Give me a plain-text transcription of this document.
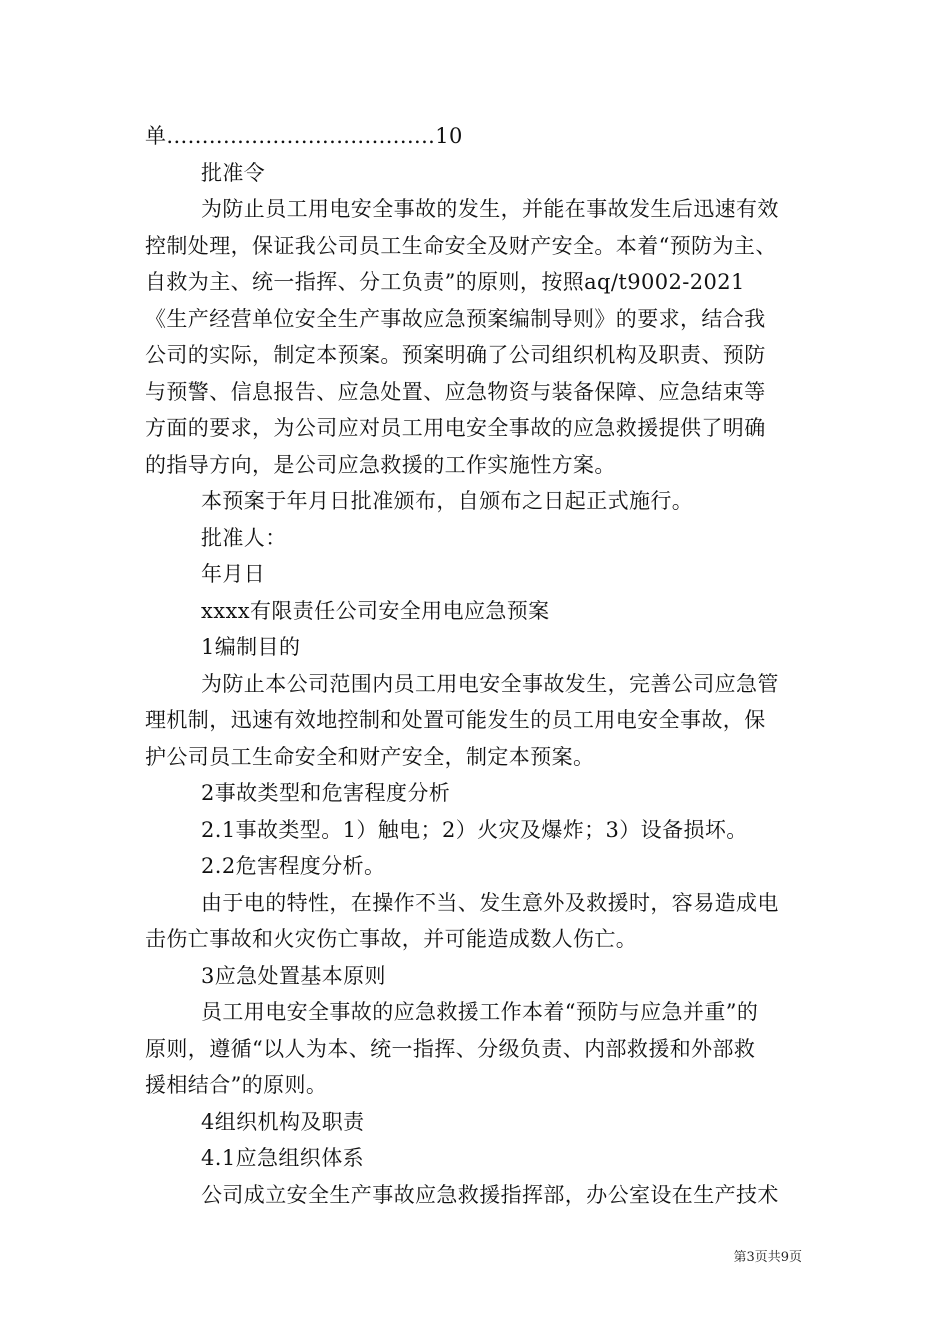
单......................................10
批准令
为防止员工用电安全事故的发生，并能在事故发生后迅速有效
控制处理，保证我公司员工生命安全及财产安全。本着“预防为主、
自救为主、统一指挥、分工负责”的原则，按照aq/t9002-2021
《生产经营单位安全生产事故应急预案编制导则》的要求，结合我
公司的实际，制定本预案。预案明确了公司组织机构及职责、预防
与预警、信息报告、应急处置、应急物资与装备保障、应急结束等
方面的要求，为公司应对员工用电安全事故的应急救援提供了明确
的指导方向，是公司应急救援的工作实施性方案。
本预案于年月日批准颁布，自颁布之日起正式施行。
批准人：
年月日
xxxx有限责任公司安全用电应急预案
1编制目的
为防止本公司范围内员工用电安全事故发生，完善公司应急管
理机制，迅速有效地控制和处置可能发生的员工用电安全事故，保
护公司员工生命安全和财产安全，制定本预案。
2事故类型和危害程度分析
2.1事故类型。1）触电；2）火灾及爆炸；3）设备损坏。
2.2危害程度分析。
由于电的特性，在操作不当、发生意外及救援时，容易造成电
击伤亡事故和火灾伤亡事故，并可能造成数人伤亡。
3应急处置基本原则
员工用电安全事故的应急救援工作本着“预防与应急并重”的
原则，遵循“以人为本、统一指挥、分级负责、内部救援和外部救
援相结合”的原则。
4组织机构及职责
4.1应急组织体系
公司成立安全生产事故应急救援指挥部，办公室设在生产技术
第3页共9页
